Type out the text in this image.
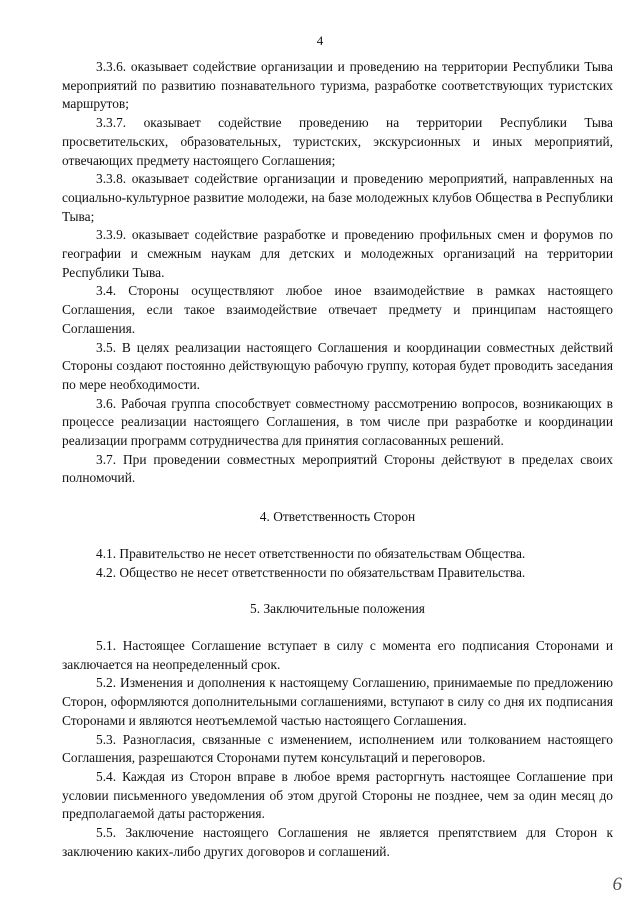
4

3.3.6. оказывает содействие организации и проведению на территории Республики Тыва мероприятий по развитию познавательного туризма, разработке соответствующих туристских маршрутов;

3.3.7. оказывает содействие проведению на территории Республики Тыва просветительских, образовательных, туристских, экскурсионных и иных мероприятий, отвечающих предмету настоящего Соглашения;

3.3.8. оказывает содействие организации и проведению мероприятий, направленных на социально-культурное развитие молодежи, на базе молодежных клубов Общества в Республики Тыва;

3.3.9. оказывает содействие разработке и проведению профильных смен и форумов по географии и смежным наукам для детских и молодежных организаций на территории Республики Тыва.

3.4. Стороны осуществляют любое иное взаимодействие в рамках настоящего Соглашения, если такое взаимодействие отвечает предмету и принципам настоящего Соглашения.

3.5. В целях реализации настоящего Соглашения и координации совместных действий Стороны создают постоянно действующую рабочую группу, которая будет проводить заседания по мере необходимости.

3.6. Рабочая группа способствует совместному рассмотрению вопросов, возникающих в процессе реализации настоящего Соглашения, в том числе при разработке и координации реализации программ сотрудничества для принятия согласованных решений.

3.7. При проведении совместных мероприятий Стороны действуют в пределах своих полномочий.

4. Ответственность Сторон

4.1. Правительство не несет ответственности по обязательствам Общества.

4.2. Общество не несет ответственности по обязательствам Правительства.

5. Заключительные положения

5.1. Настоящее Соглашение вступает в силу с момента его подписания Сторонами и заключается на неопределенный срок.

5.2. Изменения и дополнения к настоящему Соглашению, принимаемые по предложению Сторон, оформляются дополнительными соглашениями, вступают в силу со дня их подписания Сторонами и являются неотъемлемой частью настоящего Соглашения.

5.3. Разногласия, связанные с изменением, исполнением или толкованием настоящего Соглашения, разрешаются Сторонами путем консультаций и переговоров.

5.4. Каждая из Сторон вправе в любое время расторгнуть настоящее Соглашение при условии письменного уведомления об этом другой Стороны не позднее, чем за один месяц до предполагаемой даты расторжения.

5.5. Заключение настоящего Соглашения не является препятствием для Сторон к заключению каких-либо других договоров и соглашений.

6
